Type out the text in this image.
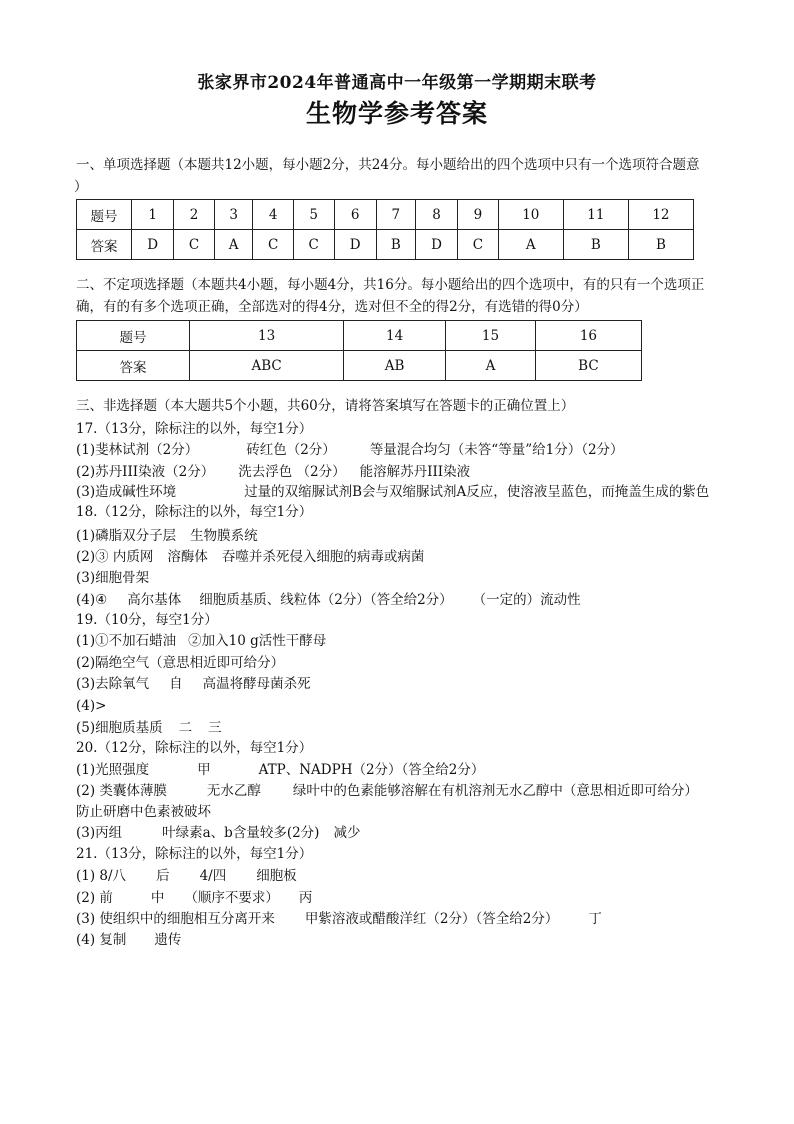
张家界市2024年普通高中一年级第一学期期末联考
生物学参考答案
一、单项选择题（本题共12小题，每小题2分，共24分。每小题给出的四个选项中只有一个选项符合题意
）
题号	1	2	3	4	5	6	7	8	9	10	11	12
答案	D	C	A	C	C	D	B	D	C	A	B	B
二、不定项选择题（本题共4小题，每小题4分，共16分。每小题给出的四个选项中，有的只有一个选项正
确，有的有多个选项正确，全部选对的得4分，选对但不全的得2分，有选错的得0分）
题号	13	14	15	16
答案	ABC	AB	A	BC
三、非选择题（本大题共5个小题，共60分，请将答案填写在答题卡的正确位置上）
17.（13分，除标注的以外，每空1分）
(1)斐林试剂（2分）	砖红色（2分）	等量混合均匀（未答“等量”给1分）（2分）
(2)苏丹III染液（2分） 洗去浮色 （2分） 能溶解苏丹III染液
(3)造成碱性环境	过量的双缩脲试剂B会与双缩脲试剂A反应，使溶液呈蓝色，而掩盖生成的紫色
18.（12分，除标注的以外，每空1分）
(1)磷脂双分子层 生物膜系统
(2)③ 内质网 溶酶体 吞噬并杀死侵入细胞的病毒或病菌
(3)细胞骨架
(4)④ 高尔基体 细胞质基质、线粒体（2分）（答全给2分） （一定的）流动性
19.（10分，每空1分）
(1)①不加石蜡油 ②加入10 g活性干酵母
(2)隔绝空气（意思相近即可给分）
(3)去除氧气 自 高温将酵母菌杀死
(4)>
(5)细胞质基质 二 三
20.（12分，除标注的以外，每空1分）
(1)光照强度	甲	ATP、NADPH（2分）（答全给2分）
(2) 类囊体薄膜	无水乙醇 绿叶中的色素能够溶解在有机溶剂无水乙醇中（意思相近即可给分）
防止研磨中色素被破坏
(3)丙组	叶绿素a、b含量较多(2分) 减少
21.（13分，除标注的以外，每空1分）
(1) 8/八 后 4/四 细胞板
(2) 前	中 （顺序不要求） 丙
(3) 使组织中的细胞相互分离开来 甲紫溶液或醋酸洋红（2分）（答全给2分） 丁
(4) 复制 遗传
